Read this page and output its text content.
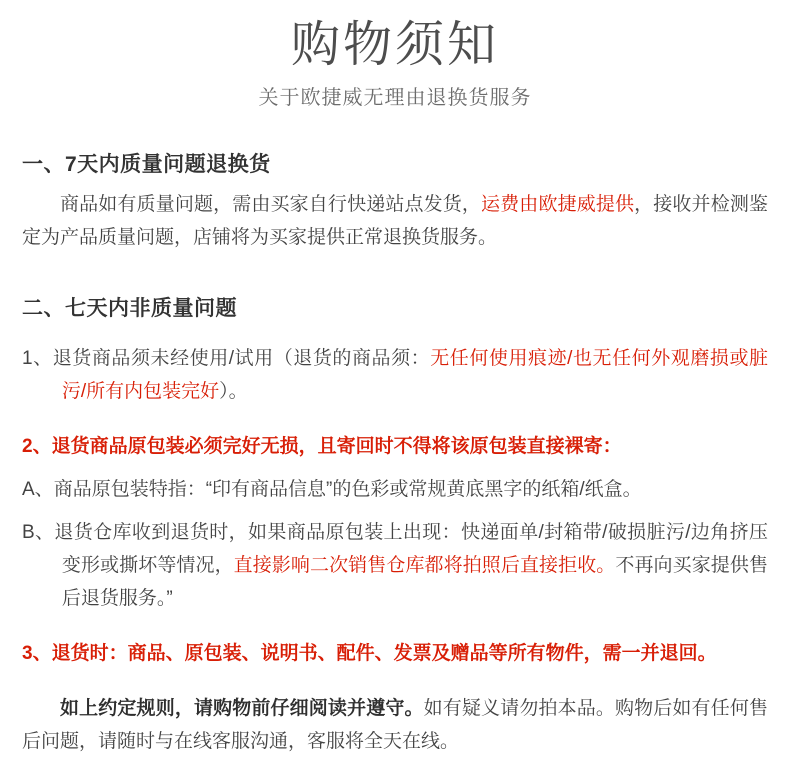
购物须知

关于欧捷威无理由退换货服务

一、7天内质量问题退换货

商品如有质量问题，需由买家自行快递站点发货，运费由欧捷威提供，接收并检测鉴定为产品质量问题，店铺将为买家提供正常退换货服务。

二、七天内非质量问题

1、退货商品须未经使用/试用（退货的商品须：无任何使用痕迹/也无任何外观磨损或脏污/所有内包装完好）。

2、退货商品原包装必须完好无损，且寄回时不得将该原包装直接裸寄：

A、商品原包装特指：“印有商品信息”的色彩或常规黄底黑字的纸箱/纸盒。

B、退货仓库收到退货时，如果商品原包装上出现：快递面单/封箱带/破损脏污/边角挤压变形或撕坏等情况，直接影响二次销售仓库都将拍照后直接拒收。不再向买家提供售后退货服务。”

3、退货时：商品、原包装、说明书、配件、发票及赠品等所有物件，需一并退回。

如上约定规则，请购物前仔细阅读并遵守。如有疑义请勿拍本品。购物后如有任何售后问题，请随时与在线客服沟通，客服将全天在线。
